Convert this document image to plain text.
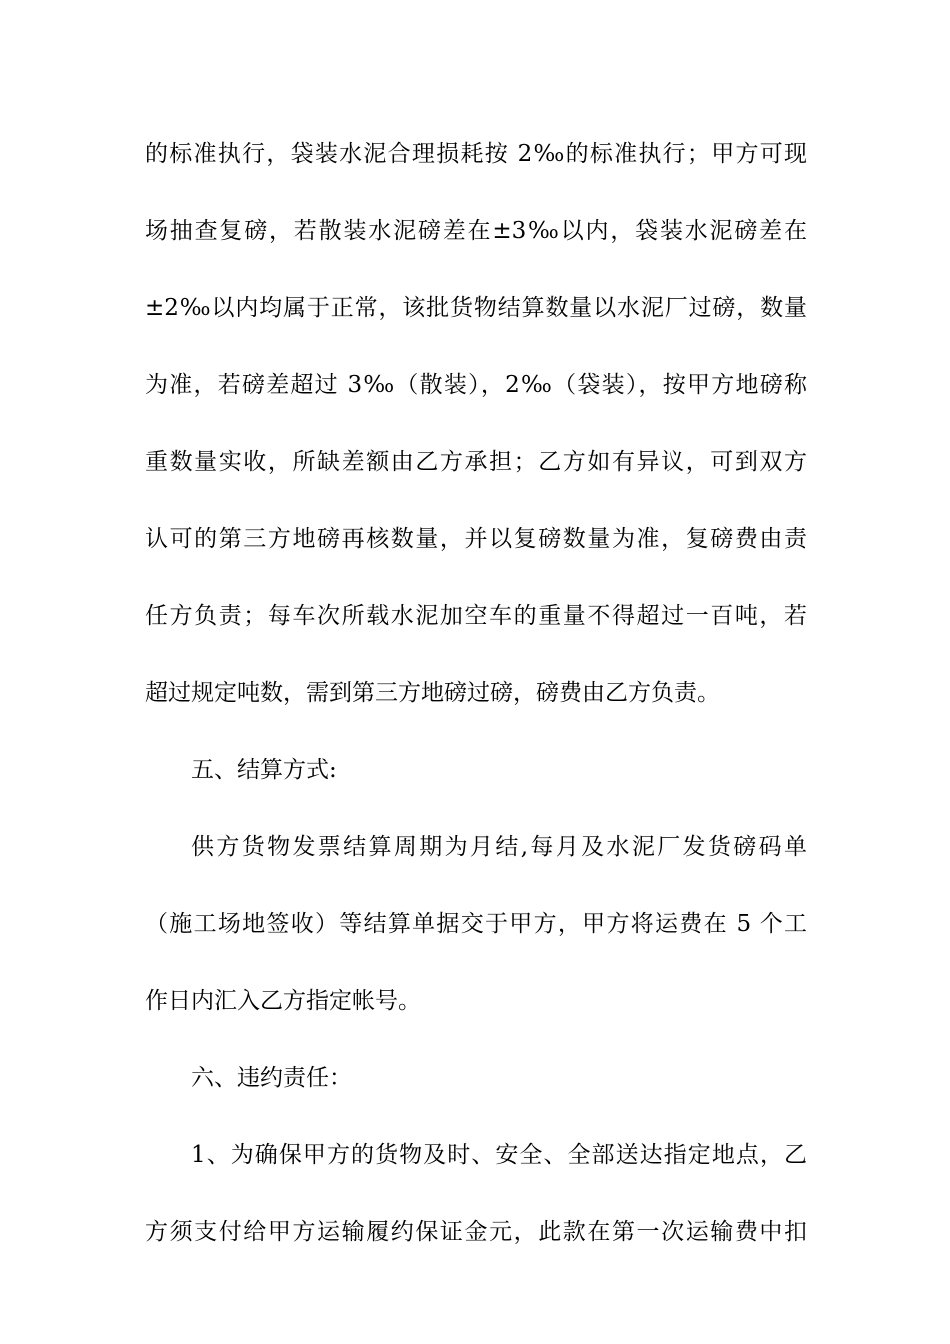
的标准执行，袋装水泥合理损耗按 2‰的标准执行；甲方可现
场抽查复磅，若散装水泥磅差在±3‰以内，袋装水泥磅差在
±2‰以内均属于正常，该批货物结算数量以水泥厂过磅，数量
为准，若磅差超过 3‰（散装），2‰（袋装），按甲方地磅称
重数量实收，所缺差额由乙方承担；乙方如有异议，可到双方
认可的第三方地磅再核数量，并以复磅数量为准，复磅费由责
任方负责；每车次所载水泥加空车的重量不得超过一百吨，若
超过规定吨数，需到第三方地磅过磅，磅费由乙方负责。
五、结算方式:
供方货物发票结算周期为月结,每月及水泥厂发货磅码单
（施工场地签收）等结算单据交于甲方，甲方将运费在 5 个工
作日内汇入乙方指定帐号。
六、违约责任：
1、为确保甲方的货物及时、安全、全部送达指定地点，乙
方须支付给甲方运输履约保证金元，此款在第一次运输费中扣
